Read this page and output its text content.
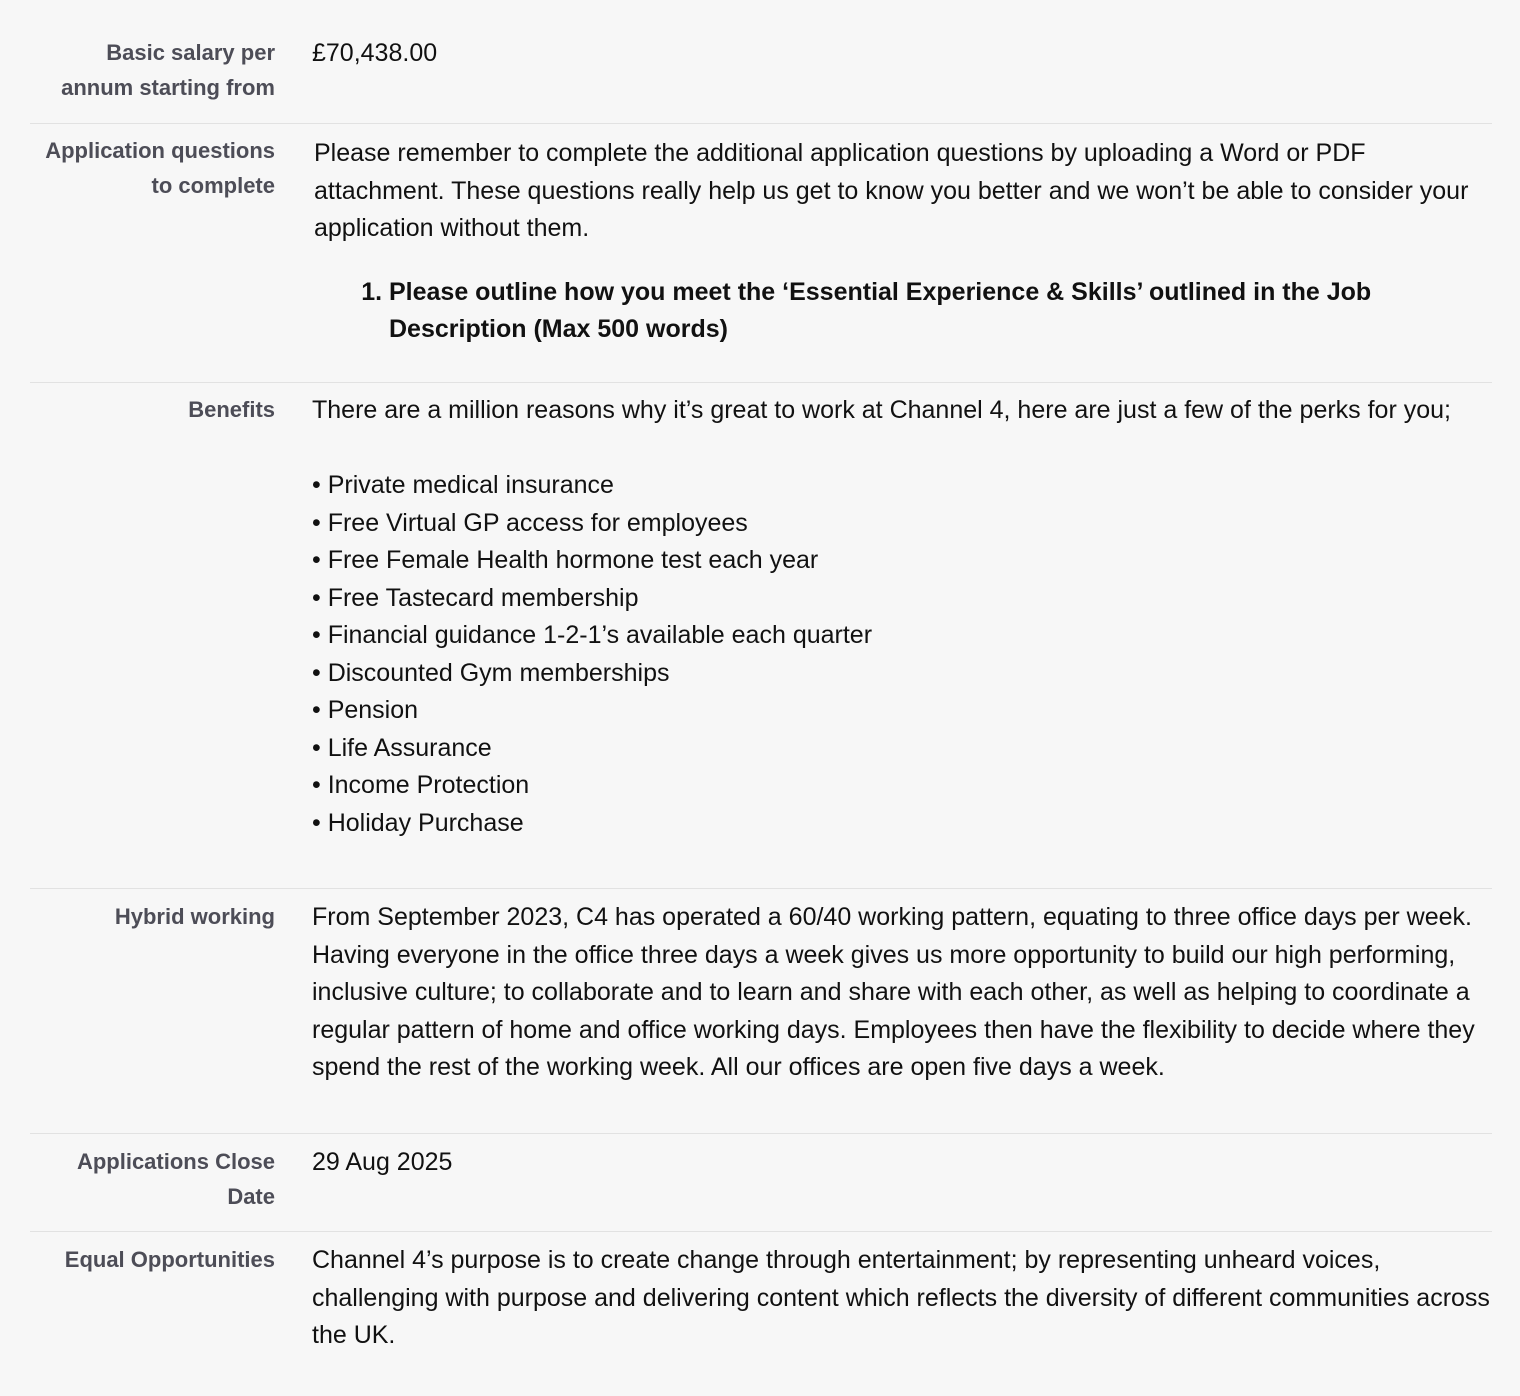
Basic salary per annum starting from
£70,438.00
Application questions to complete

Please remember to complete the additional application questions by uploading a Word or PDF attachment. These questions really help us get to know you better and we won’t be able to consider your application without them.

1. Please outline how you meet the ‘Essential Experience & Skills’ outlined in the Job Description (Max 500 words)
Benefits There are a million reasons why it’s great to work at Channel 4, here are just a few of the perks for you;

• Private medical insurance
• Free Virtual GP access for employees
• Free Female Health hormone test each year
• Free Tastecard membership
• Financial guidance 1-2-1’s available each quarter
• Discounted Gym memberships
• Pension
• Life Assurance
• Income Protection
• Holiday Purchase
Hybrid working From September 2023, C4 has operated a 60/40 working pattern, equating to three office days per week.

Having everyone in the office three days a week gives us more opportunity to build our high performing, inclusive culture; to collaborate and to learn and share with each other, as well as helping to coordinate a regular pattern of home and office working days. Employees then have the flexibility to decide where they spend the rest of the working week. All our offices are open five days a week.

Applications Close Date
29 Aug 2025
Equal Opportunities Channel 4’s purpose is to create change through entertainment; by representing unheard voices, challenging with purpose and delivering content which reflects the diversity of different communities across the UK.
